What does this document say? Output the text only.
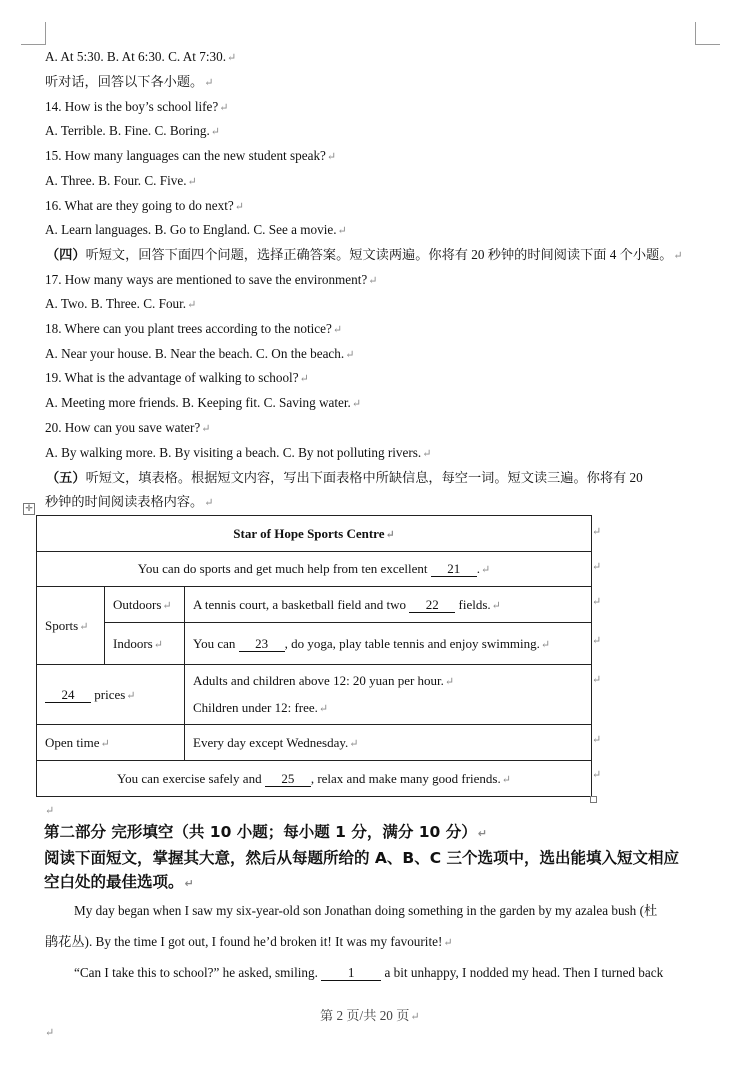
A. At 5:30. B. At 6:30. C. At 7:30.↵
听对话，回答以下各小题。↵
14. How is the boy’s school life?↵
A. Terrible. B. Fine. C. Boring.↵
15. How many languages can the new student speak?↵
A. Three. B. Four. C. Five.↵
16. What are they going to do next?↵
A. Learn languages. B. Go to England. C. See a movie.↵
（四）听短文，回答下面四个问题，选择正确答案。短文读两遍。你将有 20 秒钟的时间阅读下面 4 个小题。↵
17. How many ways are mentioned to save the environment?↵
A. Two. B. Three. C. Four.↵
18. Where can you plant trees according to the notice?↵
A. Near your house. B. Near the beach. C. On the beach.↵
19. What is the advantage of walking to school?↵
A. Meeting more friends. B. Keeping fit. C. Saving water.↵
20. How can you save water?↵
A. By walking more. B. By visiting a beach. C. By not polluting rivers.↵
（五）听短文，填表格。根据短文内容，写出下面表格中所缺信息，每空一词。短文读三遍。你将有 20
秒钟的时间阅读表格内容。↵
✛
Star of Hope Sports Centre↵		
You can do sports and get much help from ten excellent 21 .↵		
Sports↵	Outdoors↵	A tennis court, a basketball field and two 22 fields.↵
	Indoors↵	You can 23 , do yoga, play table tennis and enjoy swimming.↵
24 prices↵		Adults and children above 12: 20 yuan per hour.↵
Children under 12: free.↵
Open time↵		Every day except Wednesday.↵
You can exercise safely and 25 , relax and make many good friends.↵		
↵
↵
↵
↵
↵
↵
↵
↵
第二部分 完形填空（共 10 小题；每小题 1 分，满分 10 分）↵
阅读下面短文，掌握其大意，然后从每题所给的 A、B、C 三个选项中，选出能填入短文相应
空白处的最佳选项。↵
My day began when I saw my six-year-old son Jonathan doing something in the garden by my azalea bush (杜
鹃花丛). By the time I got out, I found he’d broken it! It was my favourite!↵
“Can I take this to school?” he asked, smiling. 1 a bit unhappy, I nodded my head. Then I turned back
第 2 页/共 20 页↵
↵
